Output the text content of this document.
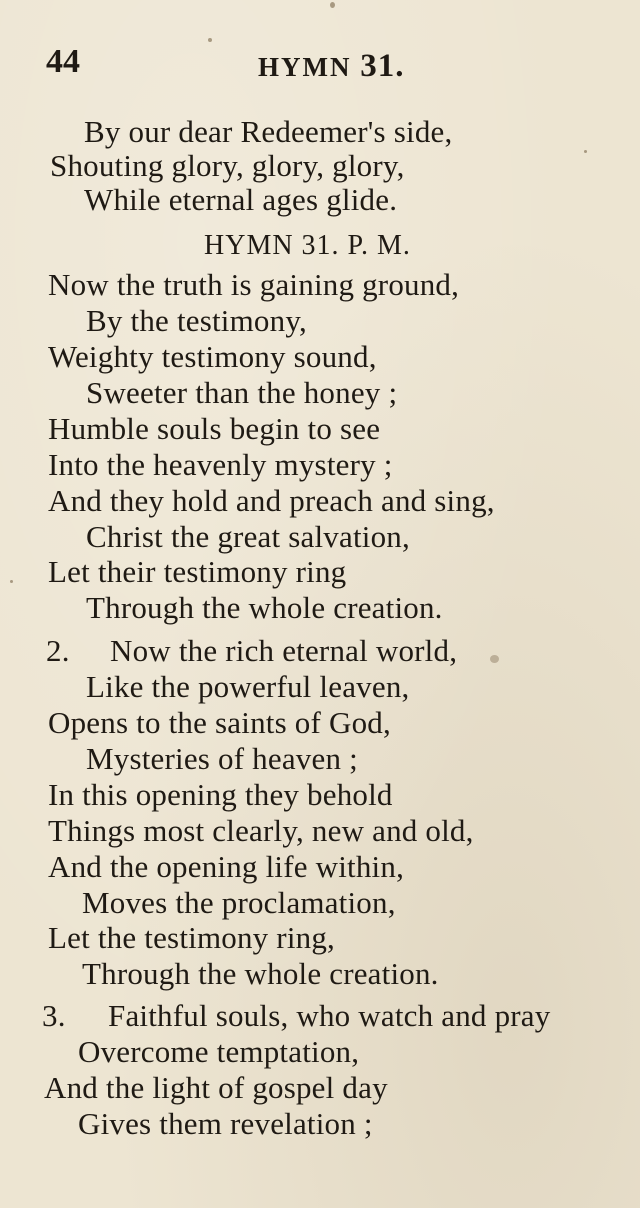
44	HYMN 31.
By our dear Redeemer's side,
Shouting glory, glory, glory,
While eternal ages glide.
HYMN 31. P. M.
Now the truth is gaining ground,
By the testimony,
Weighty testimony sound,
Sweeter than the honey ;
Humble souls begin to see
Into the heavenly mystery ;
And they hold and preach and sing,
Christ the great salvation,
Let their testimony ring
Through the whole creation.
2. Now the rich eternal world,
Like the powerful leaven,
Opens to the saints of God,
Mysteries of heaven ;
In this opening they behold
Things most clearly, new and old,
And the opening life within,
Moves the proclamation,
Let the testimony ring,
Through the whole creation.
3. Faithful souls, who watch and pray
Overcome temptation,
And the light of gospel day
Gives them revelation ;
